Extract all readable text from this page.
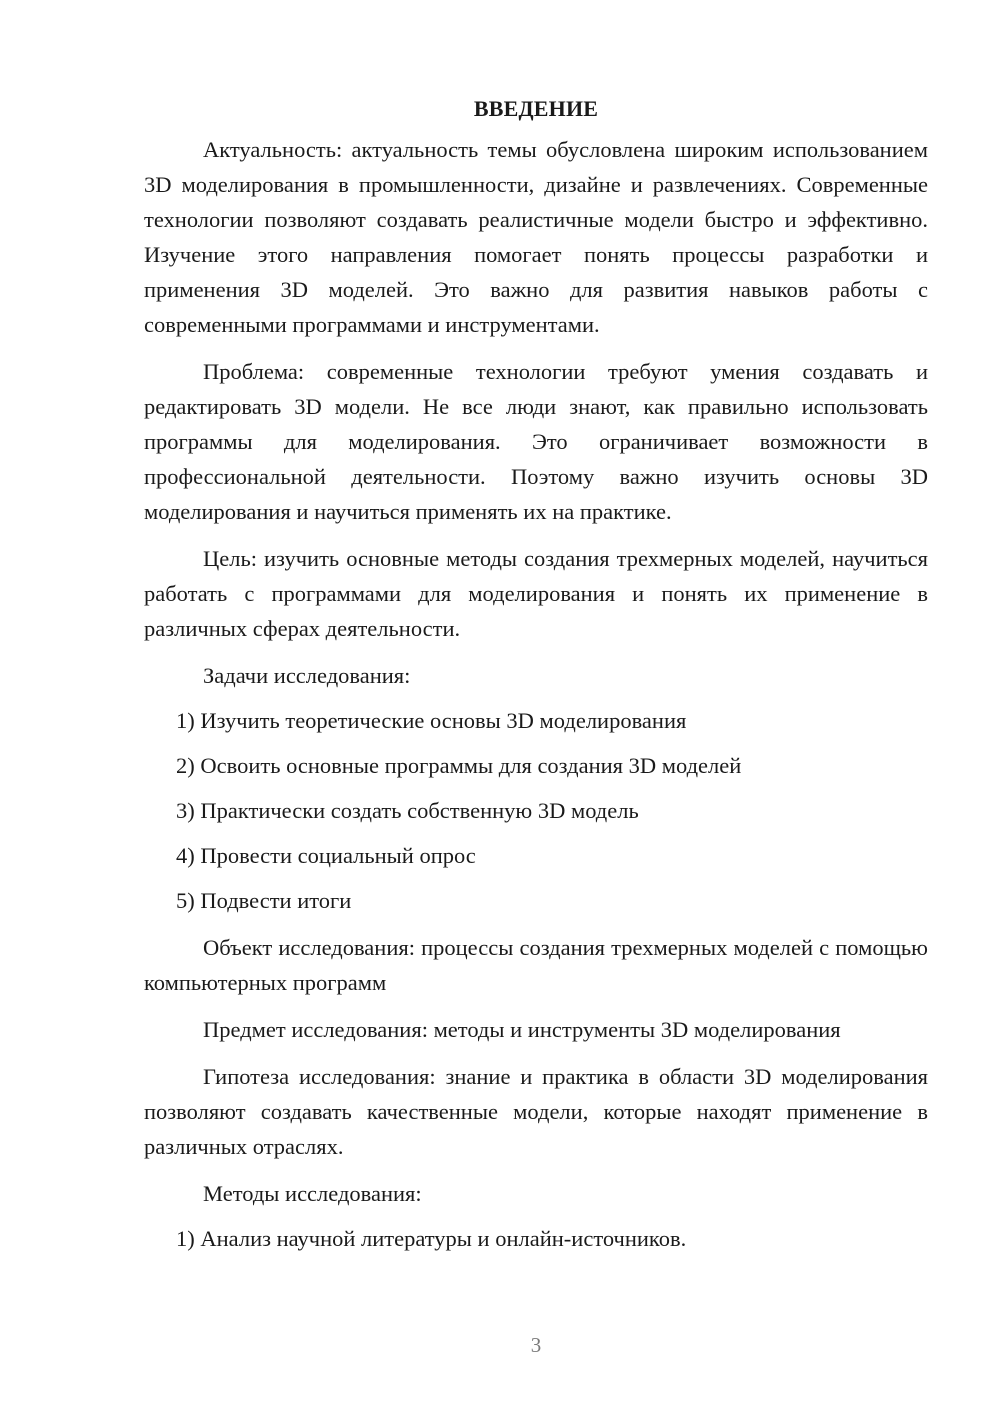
ВВЕДЕНИЕ

Актуальность: актуальность темы обусловлена широким использованием 3D моделирования в промышленности, дизайне и развлечениях. Современные технологии позволяют создавать реалистичные модели быстро и эффективно. Изучение этого направления помогает понять процессы разработки и применения 3D моделей. Это важно для развития навыков работы с современными программами и инструментами.

Проблема: современные технологии требуют умения создавать и редактировать 3D модели. Не все люди знают, как правильно использовать программы для моделирования. Это ограничивает возможности в профессиональной деятельности. Поэтому важно изучить основы 3D моделирования и научиться применять их на практике.

Цель: изучить основные методы создания трехмерных моделей, научиться работать с программами для моделирования и понять их применение в различных сферах деятельности.

Задачи исследования:

1) Изучить теоретические основы 3D моделирования

2) Освоить основные программы для создания 3D моделей

3) Практически создать собственную 3D модель

4) Провести социальный опрос

5) Подвести итоги

Объект исследования: процессы создания трехмерных моделей с помощью компьютерных программ

Предмет исследования: методы и инструменты 3D моделирования

Гипотеза исследования: знание и практика в области 3D моделирования позволяют создавать качественные модели, которые находят применение в различных отраслях.

Методы исследования:

1) Анализ научной литературы и онлайн-источников.

3
